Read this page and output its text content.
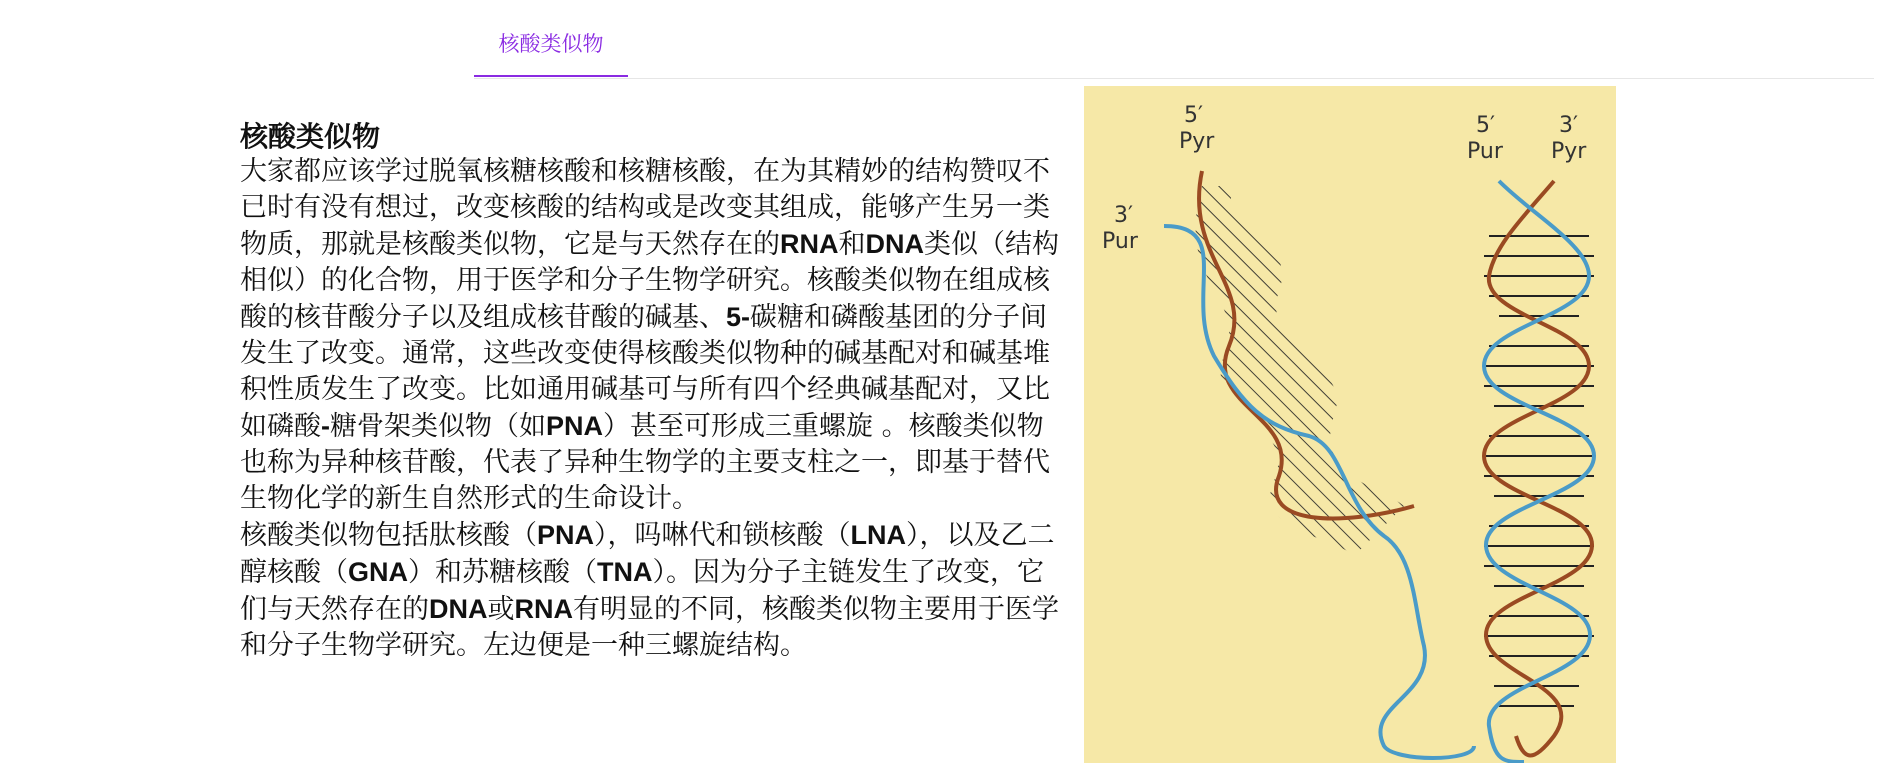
核酸类似物
核酸类似物

大家都应该学过脱氧核糖核酸和核糖核酸，在为其精妙的结构赞叹不已时有没有想过，改变核酸的结构或是改变其组成，能够产生另一类物质，那就是核酸类似物，它是与天然存在的RNA和DNA类似（结构相似）的化合物，用于医学和分子生物学研究。核酸类似物在组成核酸的核苷酸分子以及组成核苷酸的碱基、5-碳糖和磷酸基团的分子间发生了改变。通常，这些改变使得核酸类似物种的碱基配对和碱基堆积性质发生了改变。比如通用碱基可与所有四个经典碱基配对，又比如磷酸-糖骨架类似物（如PNA）甚至可形成三重螺旋 。核酸类似物也称为异种核苷酸，代表了异种生物学的主要支柱之一，即基于替代生物化学的新生自然形式的生命设计。

核酸类似物包括肽核酸（PNA），吗啉代和锁核酸（LNA），以及乙二醇核酸（GNA）和苏糖核酸（TNA）。因为分子主链发生了改变，它们与天然存在的DNA或RNA有明显的不同，核酸类似物主要用于医学和分子生物学研究。左边便是一种三螺旋结构。

5′
Pyr
3′
Pur
5′
Pur
3′
Pyr
